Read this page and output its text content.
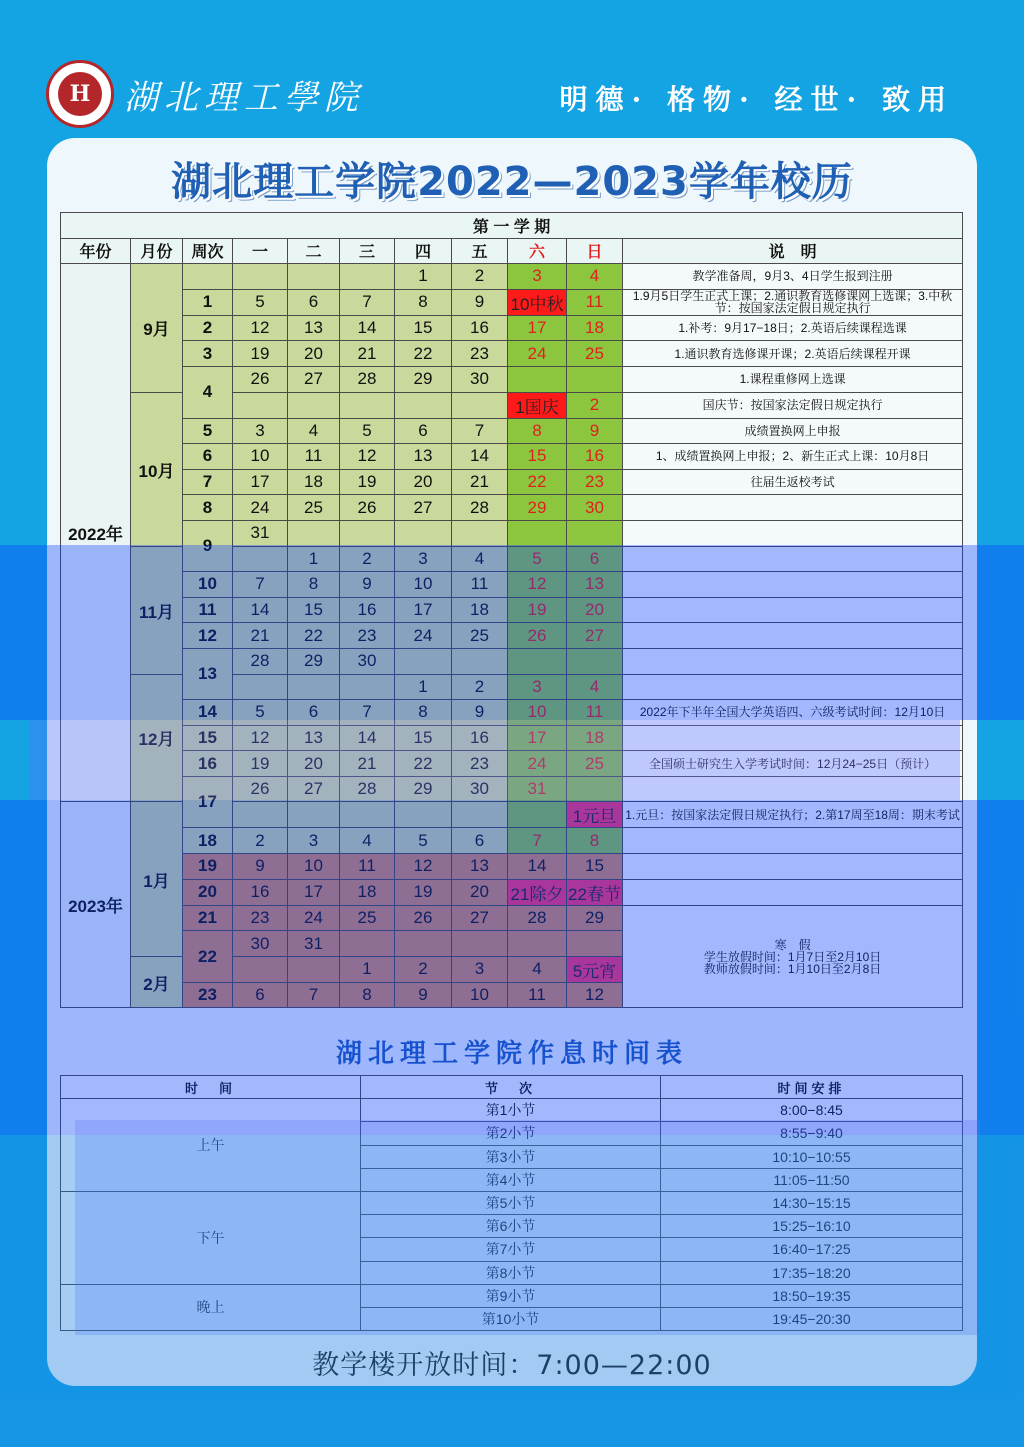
H 湖北理工學院	明德· 格物· 经世· 致用
湖北理工学院2022—2023学年校历
第 一 学 期										
年份	月份	周次	一	二	三	四	五	六	日	说　明
2022年	9月					1	2	3	4	教学准备周，9月3、4日学生报到注册
		1	5	6	7	8	9	10中秋	11	1.9月5日学生正式上课；2.通识教育选修课网上选课；3.中秋节：按国家法定假日规定执行
		2	12	13	14	15	16	17	18	1.补考：9月17−18日；2.英语后续课程选课
		3	19	20	21	22	23	24	25	1.通识教育选修课开课；2.英语后续课程开课
		4	26	27	28	29	30			1.课程重修网上选课
	10月							1国庆	2	国庆节：按国家法定假日规定执行
		5	3	4	5	6	7	8	9	成绩置换网上申报
		6	10	11	12	13	14	15	16	1、成绩置换网上申报；2、新生正式上课：10月8日
		7	17	18	19	20	21	22	23	往届生返校考试
		8	24	25	26	27	28	29	30	
		9	31							
	11月			1	2	3	4	5	6	
		10	7	8	9	10	11	12	13	
		11	14	15	16	17	18	19	20	
		12	21	22	23	24	25	26	27	
		13	28	29	30					
	12月					1	2	3	4	
		14	5	6	7	8	9	10	11	2022年下半年全国大学英语四、六级考试时间：12月10日
		15	12	13	14	15	16	17	18	
		16	19	20	21	22	23	24	25	全国硕士研究生入学考试时间：12月24−25日（预计）
		17	26	27	28	29	30	31		
2023年	1月								1元旦	1.元旦：按国家法定假日规定执行；2.第17周至18周：期末考试
		18	2	3	4	5	6	7	8	
		19	9	10	11	12	13	14	15	
		20	16	17	18	19	20	21除夕	22春节	
		21	23	24	25	26	27	28	29	寒　假
学生放假时间：1月7日至2月10日
教师放假时间：1月10日至2月8日

		22	30	31						
	2月				1	2	3	4	5元宵	
		23	6	7	8	9	10	11	12	
湖北理工学院作息时间表
时　间	节　次	时间安排
上午	第1小节	8:00−8:45
	第2小节	8:55−9:40
	第3小节	10:10−10:55
	第4小节	11:05−11:50
下午	第5小节	14:30−15:15
	第6小节	15:25−16:10
	第7小节	16:40−17:25
	第8小节	17:35−18:20
晚上	第9小节	18:50−19:35
	第10小节	19:45−20:30
教学楼开放时间：7:00—22:00
